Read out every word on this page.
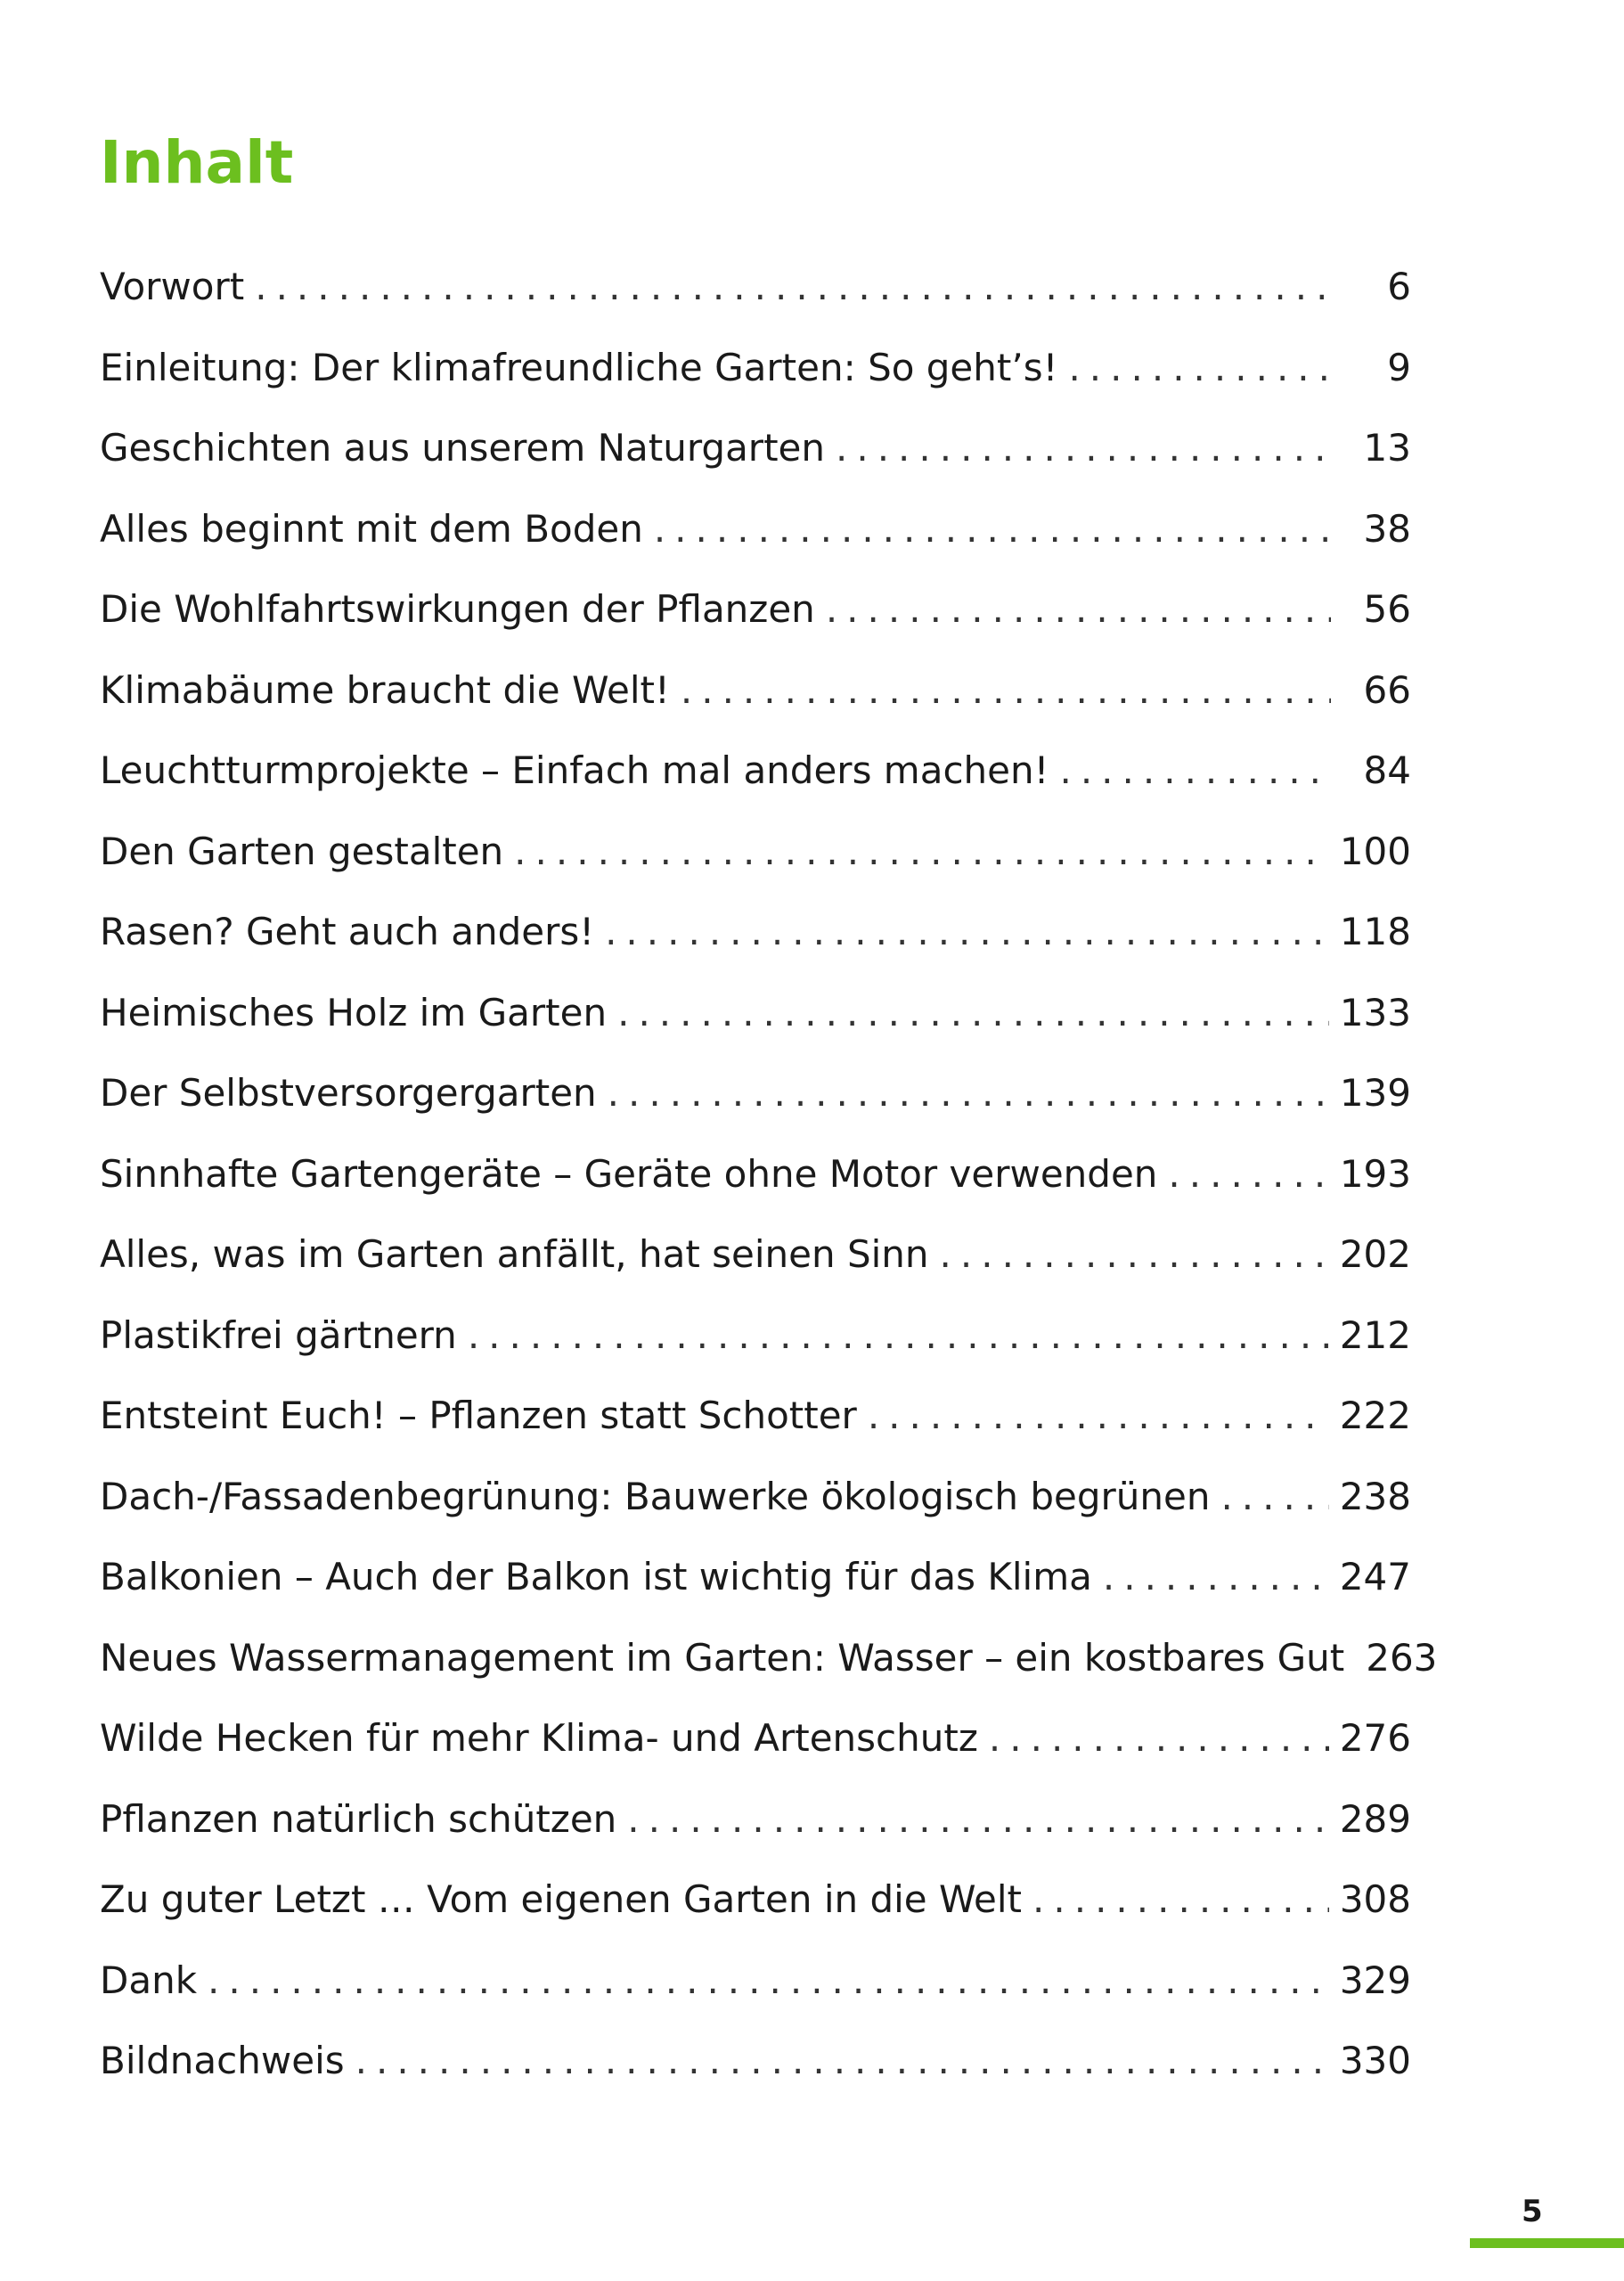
Inhalt
Vorwort .....	6
Einleitung: Der klimafreundliche Garten: So geht’s! .....	9
Geschichten aus unserem Naturgarten .....	13
Alles beginnt mit dem Boden .....	38
Die Wohlfahrtswirkungen der Pflanzen .....	56
Klimabäume braucht die Welt! .....	66
Leuchtturmprojekte – Einfach mal anders machen! .....	84
Den Garten gestalten .....	100
Rasen? Geht auch anders! .....	118
Heimisches Holz im Garten .....	133
Der Selbstversorgergarten .....	139
Sinnhafte Gartengeräte – Geräte ohne Motor verwenden .....	193
Alles, was im Garten anfällt, hat seinen Sinn .....	202
Plastikfrei gärtnern .....	212
Entsteint Euch! – Pflanzen statt Schotter .....	222
Dach-/Fassadenbegrünung: Bauwerke ökologisch begrünen .....	238
Balkonien – Auch der Balkon ist wichtig für das Klima .....	247
Neues Wassermanagement im Garten: Wasser – ein kostbares Gut 263
Wilde Hecken für mehr Klima- und Artenschutz .....	276
Pflanzen natürlich schützen .....	289
Zu guter Letzt … Vom eigenen Garten in die Welt .....	308
Dank .....	329
Bildnachweis .....	330
5
